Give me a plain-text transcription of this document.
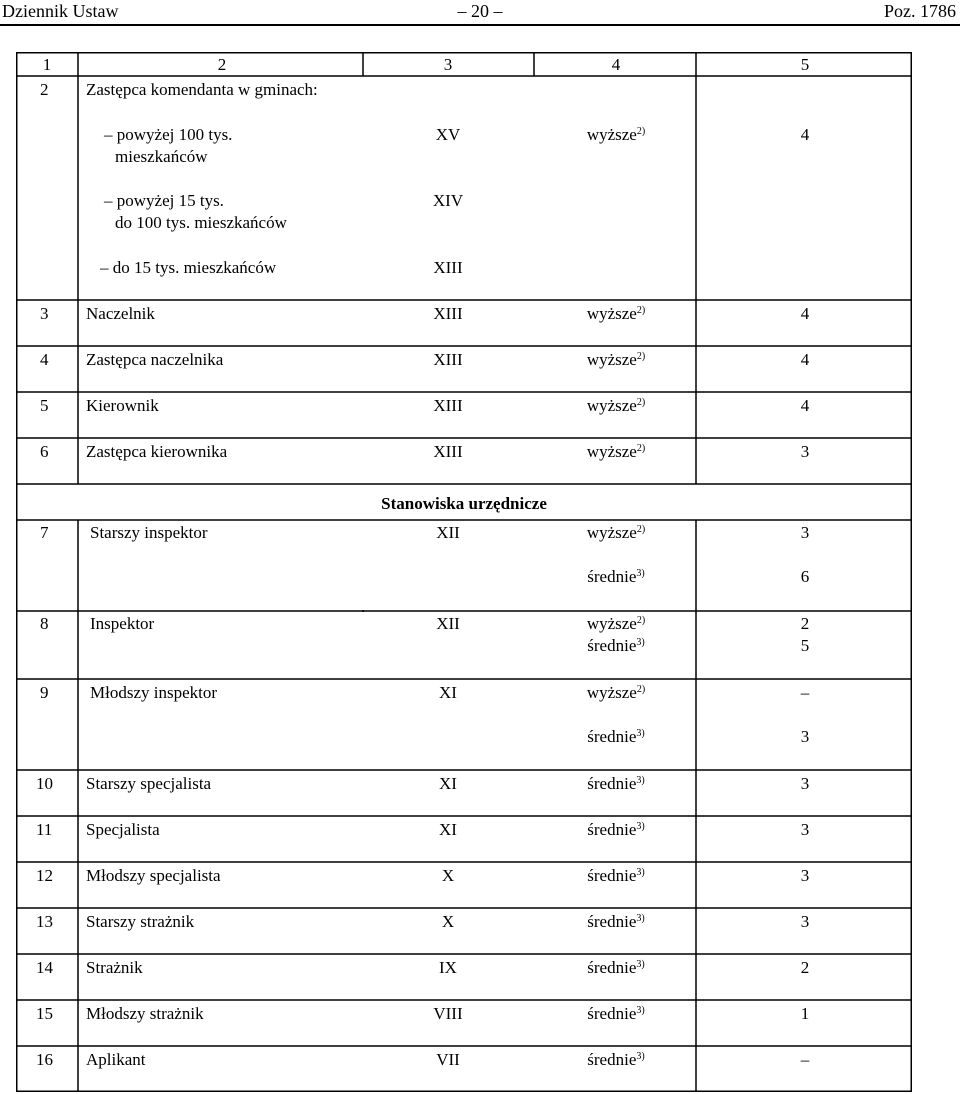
Dziennik Ustaw	– 20 –	Poz. 1786
1	2	3	4	5
2 Zastępca komendanta w gminach:
– powyżej 100 tys.
mieszkańców
XV	wyższe$^{2)}$	4
– powyżej 15 tys.
do 100 tys. mieszkańców
XIV
– do 15 tys. mieszkańców	XIII
3 Naczelnik	XIII	wyższe$^{2)}$	4
4 Zastępca naczelnika	XIII	wyższe$^{2)}$	4
5 Kierownik	XIII	wyższe$^{2)}$	4
6 Zastępca kierownika	XIII	wyższe$^{2)}$	3
Stanowiska urzędnicze
7 Starszy inspektor	XII	wyższe$^{2)}$	3
średnie$^{3)}$	6
8 Inspektor	XII	wyższe$^{2)}$	2
średnie$^{3)}$	5
9 Młodszy inspektor	XI	wyższe$^{2)}$	–
średnie$^{3)}$	3
10 Starszy specjalista	XI	średnie$^{3)}$	3
11 Specjalista	XI	średnie$^{3)}$	3
12 Młodszy specjalista	X	średnie$^{3)}$	3
13 Starszy strażnik	X	średnie$^{3)}$	3
14 Strażnik	IX	średnie$^{3)}$	2
15 Młodszy strażnik	VIII	średnie$^{3)}$	1
16 Aplikant	VII	średnie$^{3)}$	–
